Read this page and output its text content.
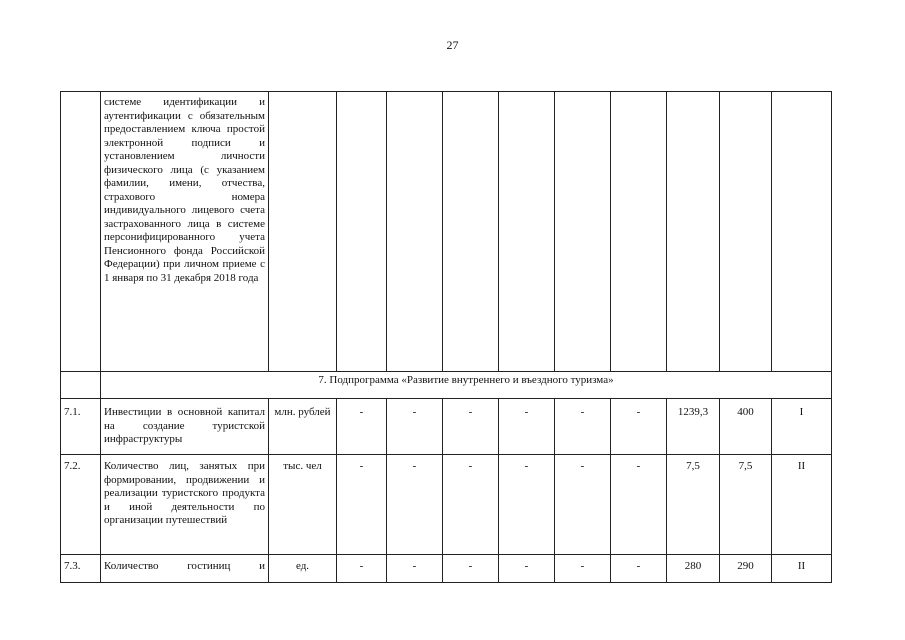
27
	системе идентификации и аутентификации с обязательным предоставлением ключа простой электронной подписи и установлением личности физического лица (с указанием фамилии, имени, отчества, страхового номера индивидуального лицевого счета застрахованного лица в системе персонифицированного учета Пенсионного фонда Российской Федерации) при личном приеме с 1 января по 31 декабря 2018 года										
	7. Подпрограмма «Развитие внутреннего и въездного туризма»										
7.1.	Инвестиции в основной капитал на создание туристской инфраструктуры	млн. рублей	-	-	-	-	-	-	1239,3	400	I
7.2.	Количество лиц, занятых при формировании, продвижении и реализации туристского продукта и иной деятельности по организации путешествий	тыс. чел	-	-	-	-	-	-	7,5	7,5	II
7.3.	Количество гостиниц и	ед.	-	-	-	-	-	-	280	290	II
